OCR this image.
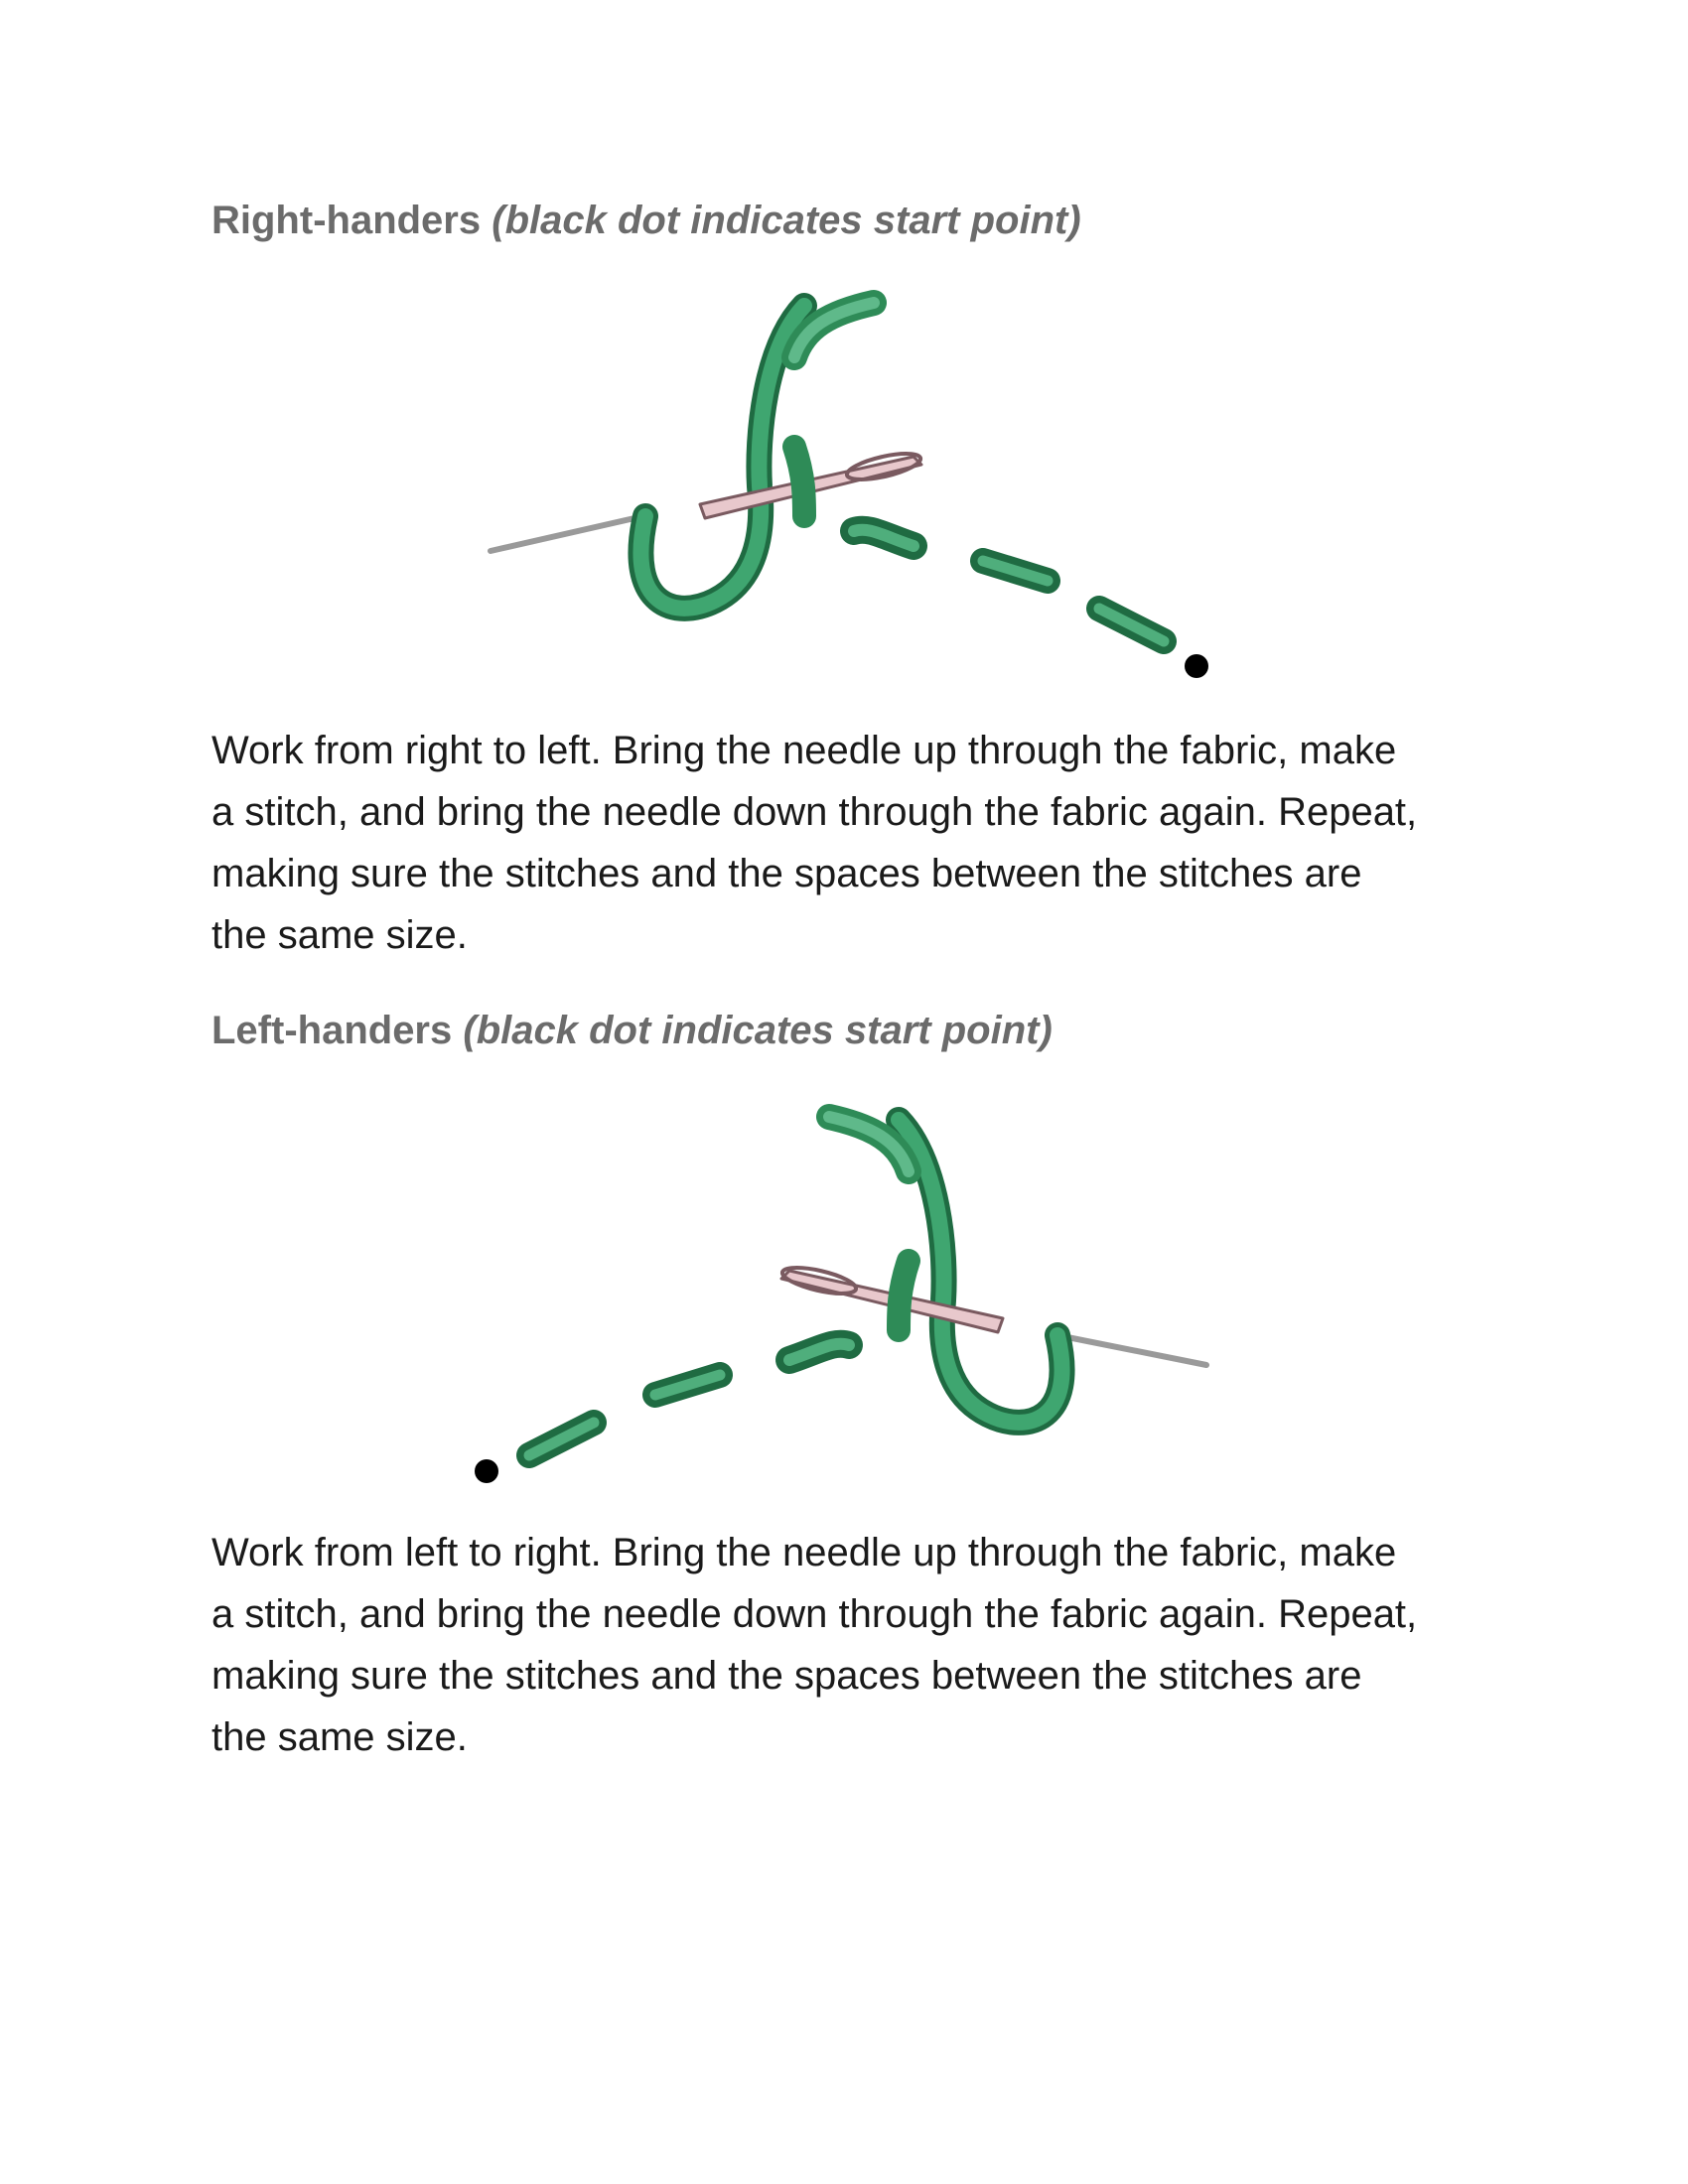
Right-handers (black dot indicates start point)

Work from right to left. Bring the needle up through the fabric, make
a stitch, and bring the needle down through the fabric again. Repeat,
making sure the stitches and the spaces between the stitches are
the same size.

Left-handers (black dot indicates start point)

Work from left to right. Bring the needle up through the fabric, make
a stitch, and bring the needle down through the fabric again. Repeat,
making sure the stitches and the spaces between the stitches are
the same size.
